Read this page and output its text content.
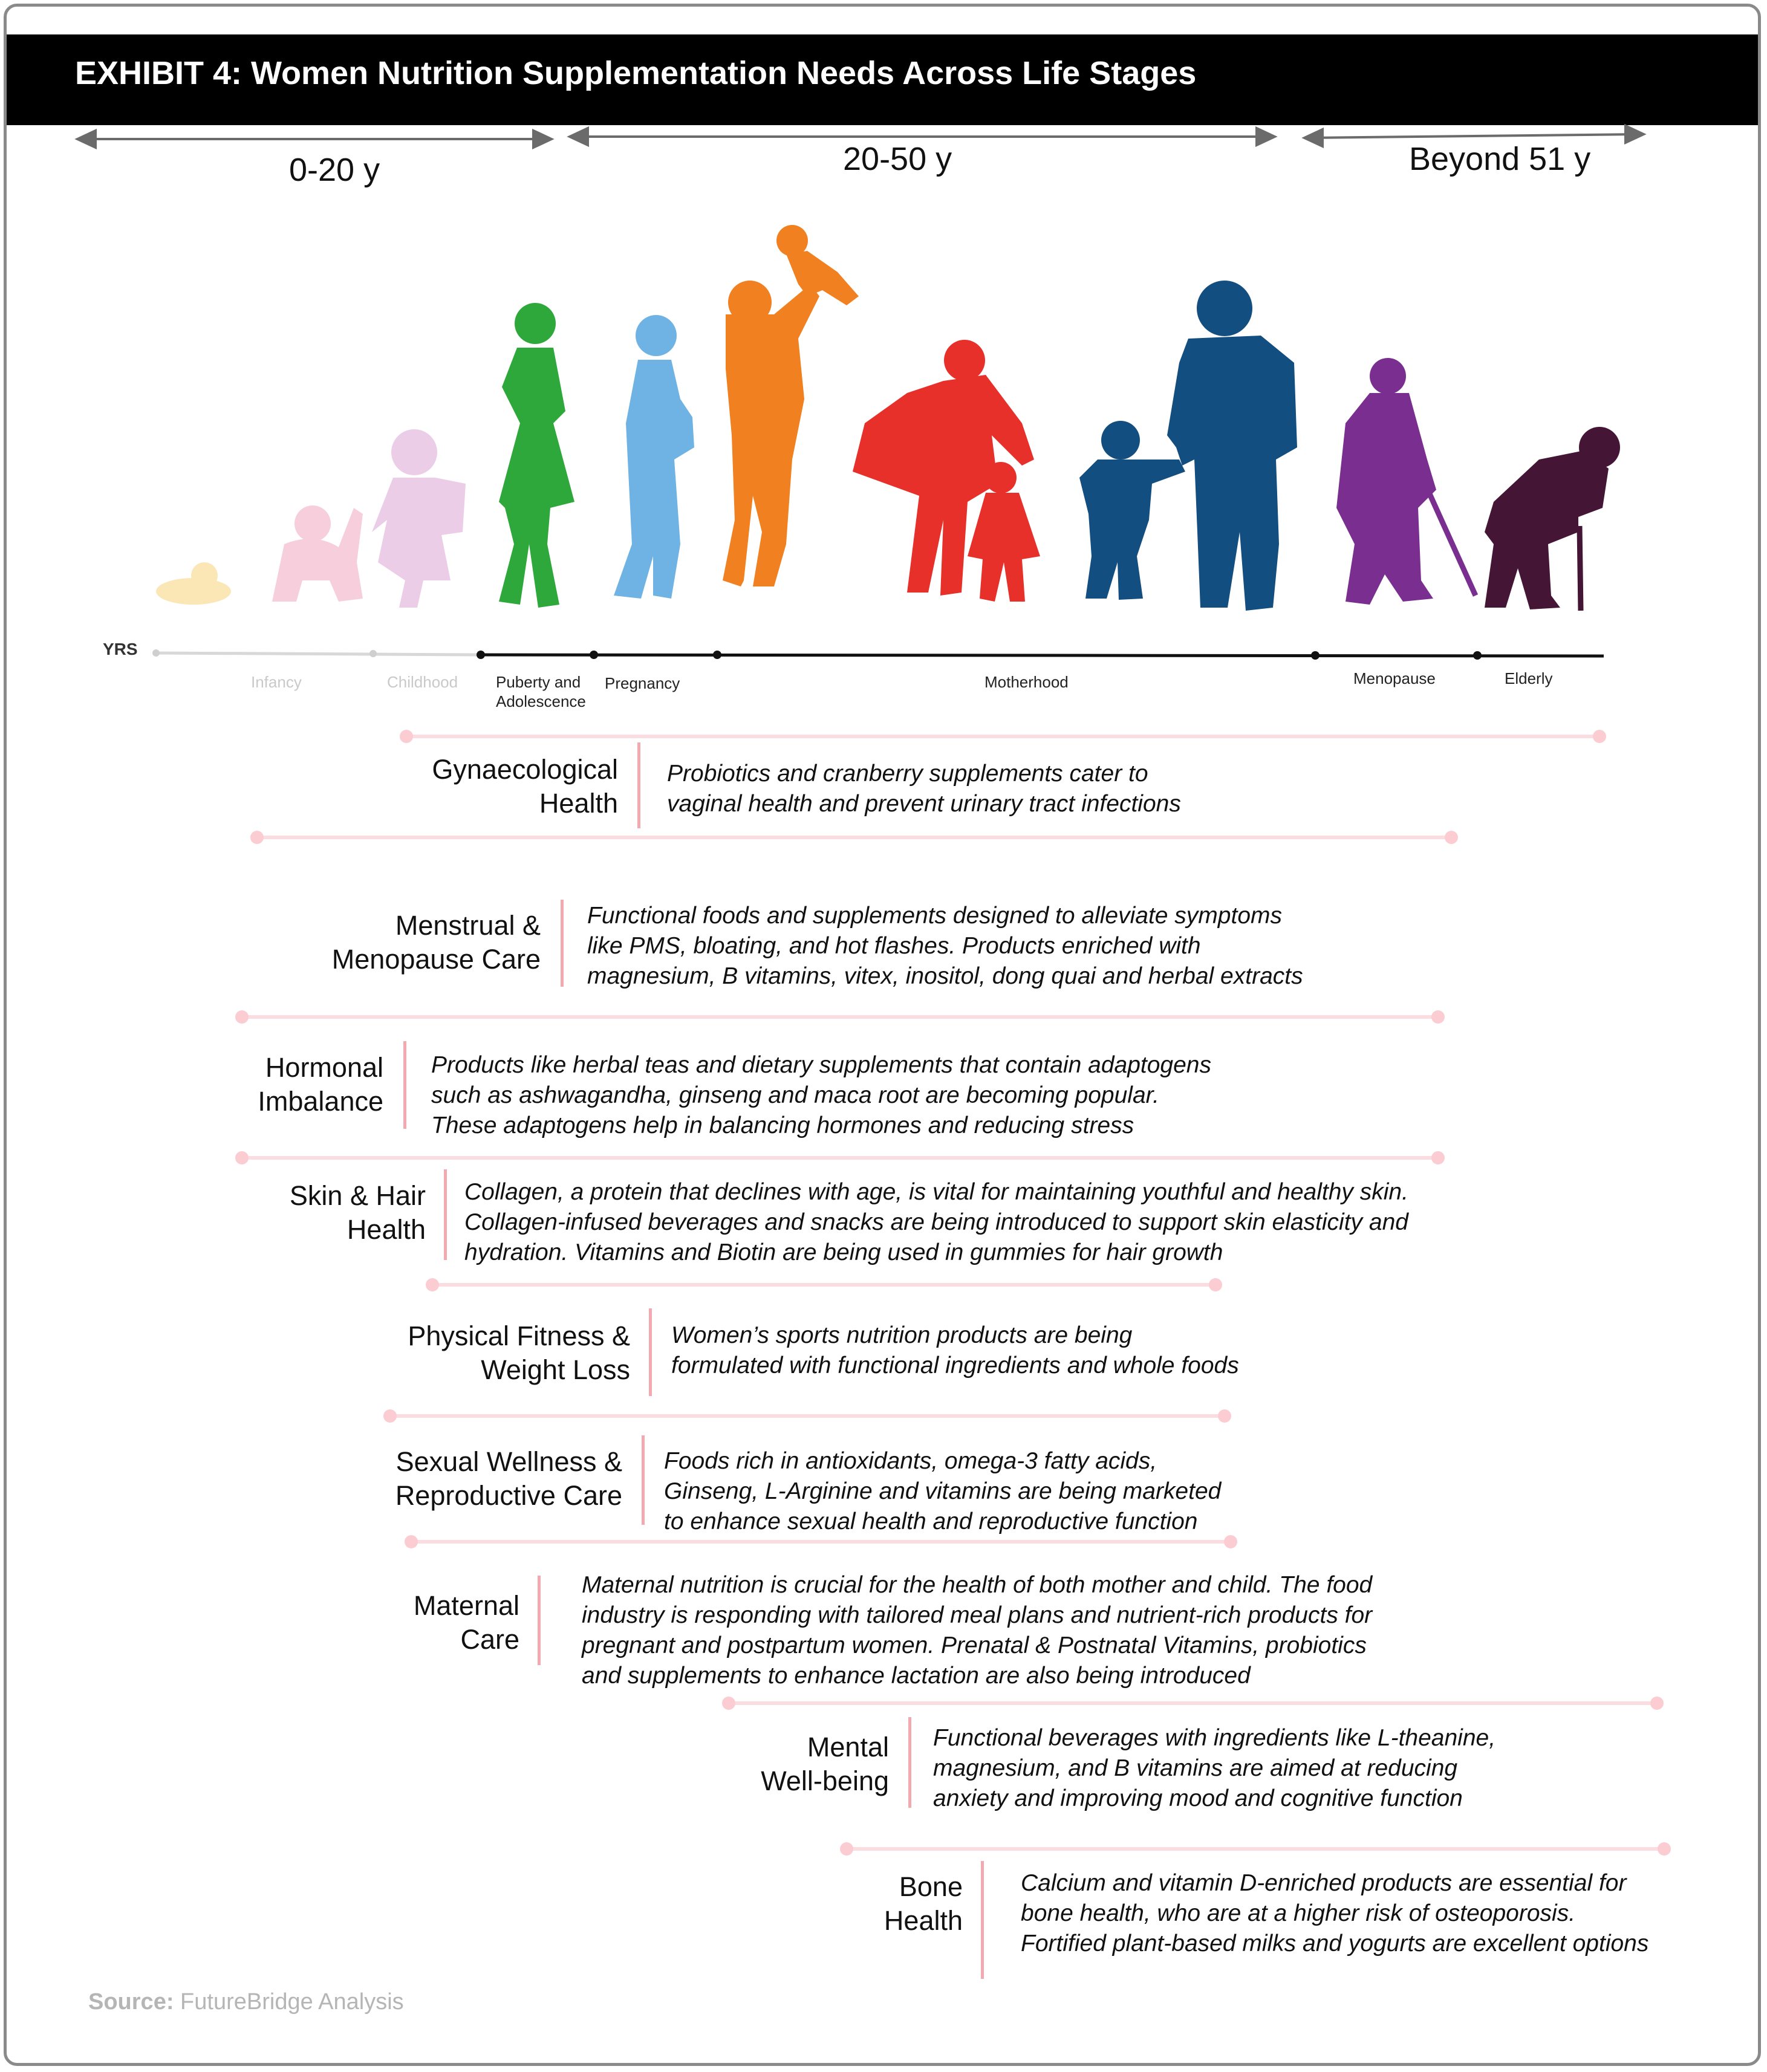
EXHIBIT 4: Women Nutrition Supplementation Needs Across Life Stages
0-20 y	20-50 y	Beyond 51 y
YRS
Infancy	Childhood Puberty and
Adolescence
Pregnancy	Motherhood	Menopause	Elderly
Gynaecological
Health
Probiotics and cranberry supplements cater to
vaginal health and prevent urinary tract infections
Menstrual &
Menopause Care
Functional foods and supplements designed to alleviate symptoms
like PMS, bloating, and hot flashes. Products enriched with
magnesium, B vitamins, vitex, inositol, dong quai and herbal extracts
Hormonal
Imbalance
Products like herbal teas and dietary supplements that contain adaptogens
such as ashwagandha, ginseng and maca root are becoming popular.
These adaptogens help in balancing hormones and reducing stress
Skin & Hair
Health
Collagen, a protein that declines with age, is vital for maintaining youthful and healthy skin.
Collagen-infused beverages and snacks are being introduced to support skin elasticity and
hydration. Vitamins and Biotin are being used in gummies for hair growth
Physical Fitness &
Weight Loss
Women’s sports nutrition products are being
formulated with functional ingredients and whole foods
Sexual Wellness &
Reproductive Care
Foods rich in antioxidants, omega-3 fatty acids,
Ginseng, L-Arginine and vitamins are being marketed
to enhance sexual health and reproductive function
Maternal
Care
Maternal nutrition is crucial for the health of both mother and child. The food
industry is responding with tailored meal plans and nutrient-rich products for
pregnant and postpartum women. Prenatal & Postnatal Vitamins, probiotics
and supplements to enhance lactation are also being introduced
Mental
Well-being
Functional beverages with ingredients like L-theanine,
magnesium, and B vitamins are aimed at reducing
anxiety and improving mood and cognitive function
Bone
Health
Calcium and vitamin D-enriched products are essential for
bone health, who are at a higher risk of osteoporosis.
Fortified plant-based milks and yogurts are excellent options
Source: FutureBridge Analysis
